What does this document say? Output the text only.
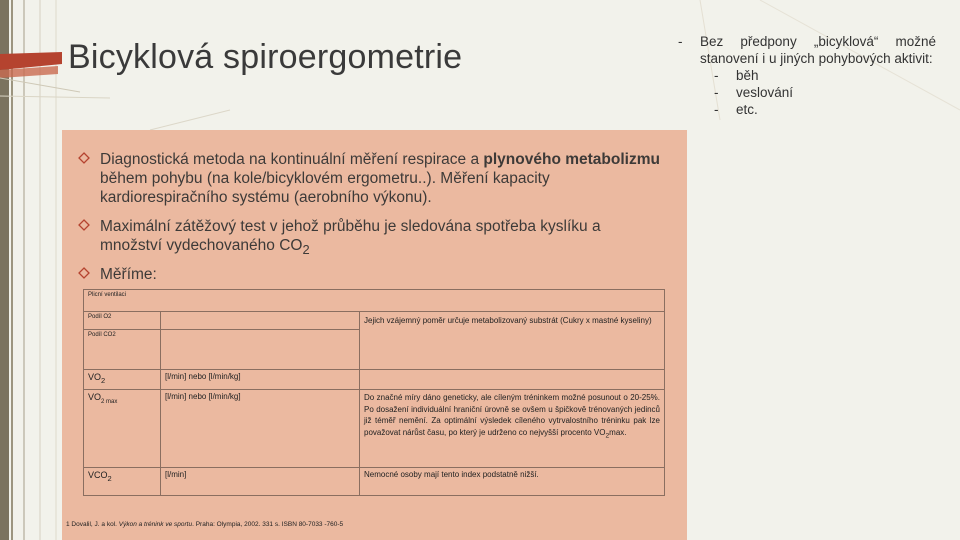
Bicyklová spiroergometrie
Diagnostická metoda na kontinuální měření respirace a plynového metabolizmu během pohybu (na kole/bicyklovém ergometru..). Měření kapacity kardiorespiračního systému (aerobního výkonu).
Maximální zátěžový test v jehož průběhu je sledována spotřeba kyslíku a množství vydechovaného $CO_2$
Měříme:
Plicní ventilaci		
Podíl O2		Jejich vzájemný poměr určuje metabolizovaný substrát (Cukry x mastné kyseliny)
Podíl CO2		
$VO_2$	[l/min] nebo [l/min/kg]	
$VO_{2 max}$	[l/min] nebo [l/min/kg]	Do značné míry dáno geneticky, ale cíleným tréninkem možné posunout o 20-25%. Po dosažení individuální hraniční úrovně se ovšem u špičkově trénovaných jedinců již téměř nemění. Za optimální výsledek cíleného vytrvalostního tréninku pak lze považovat nárůst času, po který je udrženo co nejvyšší procento $VO_2\max$.
$VCO_2$	[l/min]	Nemocné osoby mají tento index podstatně nižší.
1 Dovalil, J. a kol. Výkon a trénink ve sportu. Praha: Olympia, 2002. 331 s. ISBN 80-7033 -760-5
- Bez předpony „bicyklová“ možné stanovení i u jiných pohybových aktivit:
- běh
- veslování
- etc.
